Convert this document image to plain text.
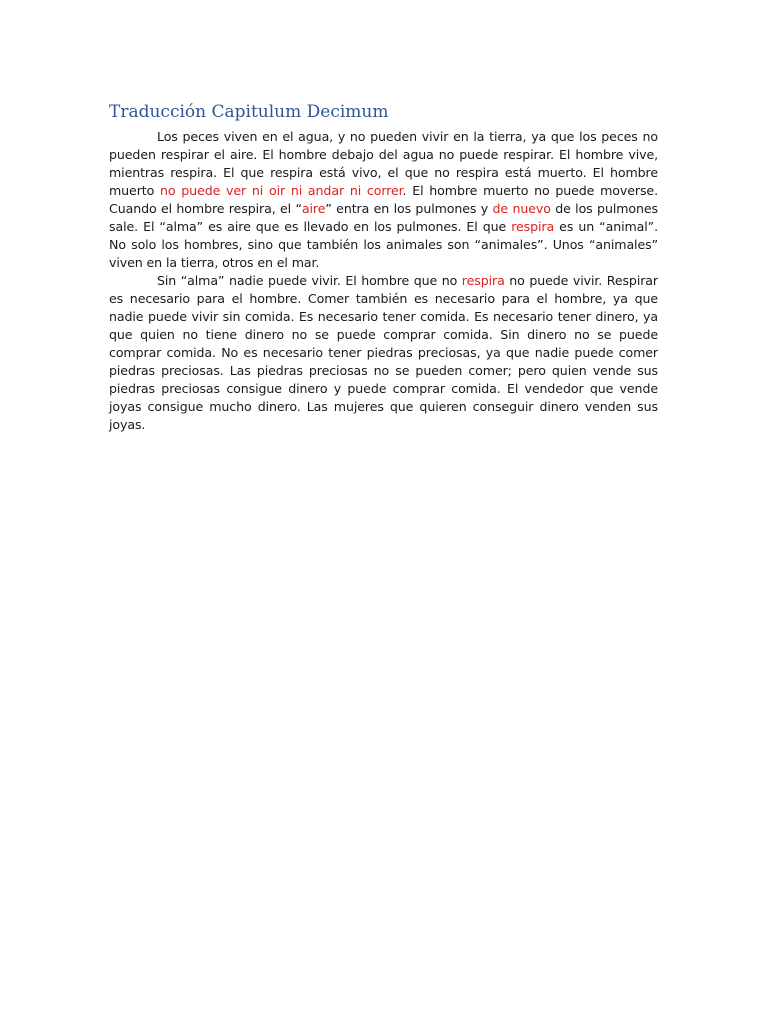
Traducción Capitulum Decimum

Los peces viven en el agua, y no pueden vivir en la tierra, ya que los peces no pueden respirar el aire. El hombre debajo del agua no puede respirar. El hombre vive, mientras respira. El que respira está vivo, el que no respira está muerto. El hombre muerto no puede ver ni oir ni andar ni correr. El hombre muerto no puede moverse. Cuando el hombre respira, el “aire” entra en los pulmones y de nuevo de los pulmones sale. El “alma” es aire que es llevado en los pulmones. El que respira es un “animal”. No solo los hombres, sino que también los animales son “animales”. Unos “animales” viven en la tierra, otros en el mar.

Sin “alma” nadie puede vivir. El hombre que no respira no puede vivir. Respirar es necesario para el hombre. Comer también es necesario para el hombre, ya que nadie puede vivir sin comida. Es necesario tener comida. Es necesario tener dinero, ya que quien no tiene dinero no se puede comprar comida. Sin dinero no se puede comprar comida. No es necesario tener piedras preciosas, ya que nadie puede comer piedras preciosas. Las piedras preciosas no se pueden comer; pero quien vende sus piedras preciosas consigue dinero y puede comprar comida. El vendedor que vende joyas consigue mucho dinero. Las mujeres que quieren conseguir dinero venden sus joyas.
